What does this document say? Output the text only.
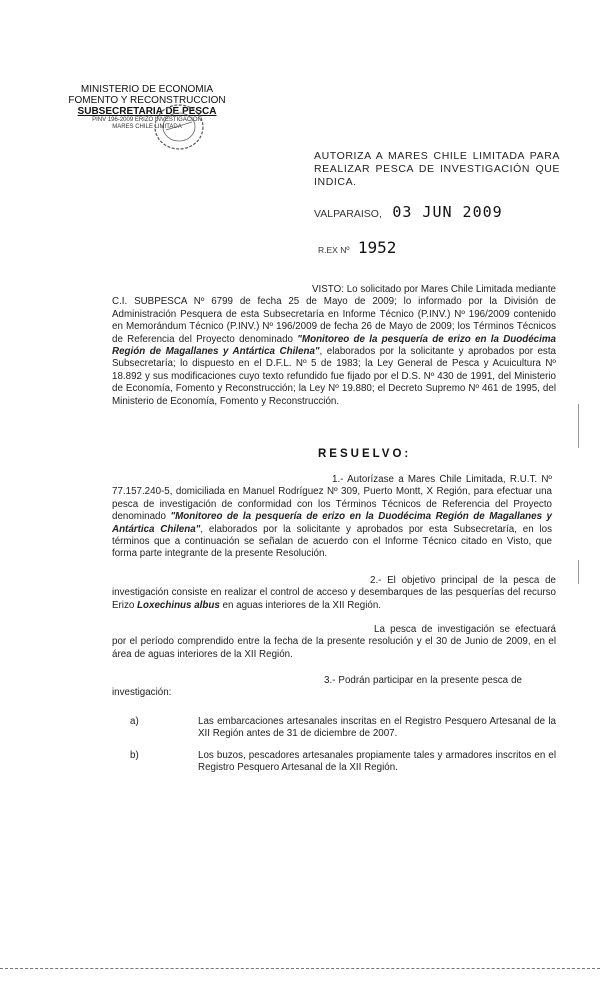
MINISTERIO DE ECONOMIA
FOMENTO Y RECONSTRUCCION
SUBSECRETARIA DE PESCA
PINV 196-2009 ERIZO INVESTIGACION
MARES CHILE LIMITADA
AUTORIZA A MARES CHILE LIMITADA PARA REALIZAR PESCA DE INVESTIGACIÓN QUE INDICA.
VALPARAISO, 03 JUN 2009
R.EX Nº 1952
VISTO: Lo solicitado por Mares Chile Limitada mediante C.I. SUBPESCA Nº 6799 de fecha 25 de Mayo de 2009; lo informado por la División de Administración Pesquera de esta Subsecretaría en Informe Técnico (P.INV.) Nº 196/2009 contenido en Memorándum Técnico (P.INV.) Nº 196/2009 de fecha 26 de Mayo de 2009; los Términos Técnicos de Referencia del Proyecto denominado "Monitoreo de la pesquería de erizo en la Duodécima Región de Magallanes y Antártica Chilena", elaborados por la solicitante y aprobados por esta Subsecretaría; lo dispuesto en el D.F.L. Nº 5 de 1983; la Ley General de Pesca y Acuicultura Nº 18.892 y sus modificaciones cuyo texto refundido fue fijado por el D.S. Nº 430 de 1991, del Ministerio de Economía, Fomento y Reconstrucción; la Ley Nº 19.880; el Decreto Supremo Nº 461 de 1995, del Ministerio de Economía, Fomento y Reconstrucción.
RESUELVO:
1.- Autorízase a Mares Chile Limitada, R.U.T. Nº 77.157.240-5, domiciliada en Manuel Rodríguez Nº 309, Puerto Montt, X Región, para efectuar una pesca de investigación de conformidad con los Términos Técnicos de Referencia del Proyecto denominado "Monitoreo de la pesquería de erizo en la Duodécima Región de Magallanes y Antártica Chilena", elaborados por la solicitante y aprobados por esta Subsecretaría, en los términos que a continuación se señalan de acuerdo con el Informe Técnico citado en Visto, que forma parte integrante de la presente Resolución.
2.- El objetivo principal de la pesca de investigación consiste en realizar el control de acceso y desembarques de las pesquerías del recurso Erizo Loxechinus albus en aguas interiores de la XII Región.
La pesca de investigación se efectuará por el período comprendido entre la fecha de la presente resolución y el 30 de Junio de 2009, en el área de aguas interiores de la XII Región.
3.- Podrán participar en la presente pesca de investigación:
a)	Las embarcaciones artesanales inscritas en el Registro Pesquero Artesanal de la XII Región antes de 31 de diciembre de 2007.
b)	Los buzos, pescadores artesanales propiamente tales y armadores inscritos en el Registro Pesquero Artesanal de la XII Región.
